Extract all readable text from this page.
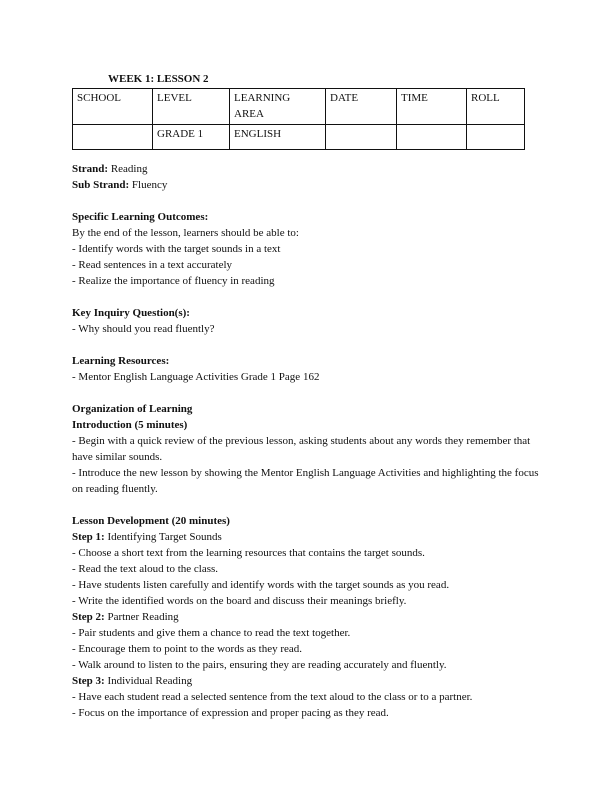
WEEK 1: LESSON 2
SCHOOL	LEVEL	LEARNING AREA	DATE	TIME	ROLL
	GRADE 1	ENGLISH			

Strand: Reading

Sub Strand: Fluency

Specific Learning Outcomes:

By the end of the lesson, learners should be able to:

- Identify words with the target sounds in a text

- Read sentences in a text accurately

- Realize the importance of fluency in reading

Key Inquiry Question(s):

- Why should you read fluently?

Learning Resources:

- Mentor English Language Activities Grade 1 Page 162

Organization of Learning

Introduction (5 minutes)

- Begin with a quick review of the previous lesson, asking students about any words they remember that have similar sounds.

- Introduce the new lesson by showing the Mentor English Language Activities and highlighting the focus on reading fluently.

Lesson Development (20 minutes)

Step 1: Identifying Target Sounds

- Choose a short text from the learning resources that contains the target sounds.

- Read the text aloud to the class.

- Have students listen carefully and identify words with the target sounds as you read.

- Write the identified words on the board and discuss their meanings briefly.

Step 2: Partner Reading

- Pair students and give them a chance to read the text together.

- Encourage them to point to the words as they read.

- Walk around to listen to the pairs, ensuring they are reading accurately and fluently.

Step 3: Individual Reading

- Have each student read a selected sentence from the text aloud to the class or to a partner.

- Focus on the importance of expression and proper pacing as they read.
